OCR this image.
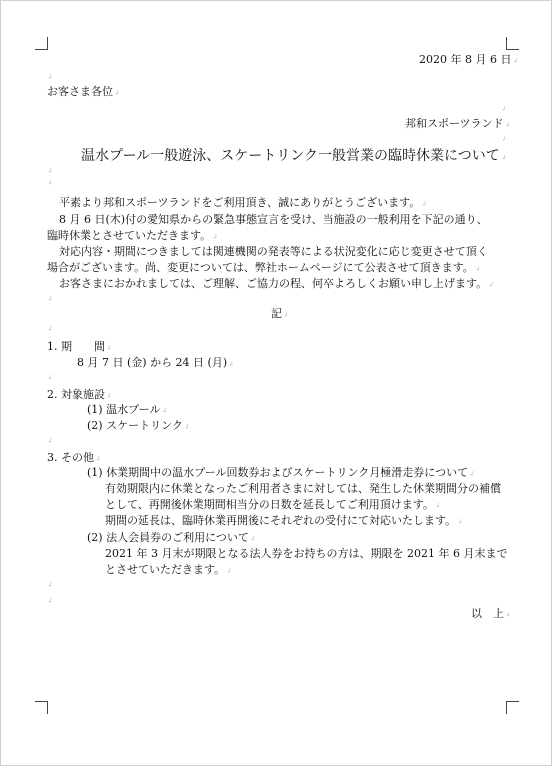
2020 年 8 月 6 日↲
↲
お客さま各位↲
↲
邦和スポーツランド↲
↲
温水プール一般遊泳、スケートリンク一般営業の臨時休業について↲
↲
↲
平素より邦和スポーツランドをご利用頂き、誠にありがとうございます。↲
8 月 6 日(木)付の愛知県からの緊急事態宣言を受け、当施設の一般利用を下記の通り、
臨時休業とさせていただきます。↲
対応内容・期間につきましては関連機関の発表等による状況変化に応じ変更させて頂く
場合がございます。尚、変更については、弊社ホームページにて公表させて頂きます。↲
お客さまにおかれましては、ご理解、ご協力の程、何卒よろしくお願い申し上げます。↲
↲
記↲
↲
1. 期　　間↲
8 月 7 日 (金) から 24 日 (月)↲
↲
2. 対象施設↲
(1) 温水プール↲
(2) スケートリンク↲
↲
3. その他↲
(1) 休業期間中の温水プール回数券およびスケートリンク月極滑走券について↲
有効期限内に休業となったご利用者さまに対しては、発生した休業期間分の補償
として、再開後休業期間相当分の日数を延長してご利用頂けます。↲
期間の延長は、臨時休業再開後にそれぞれの受付にて対応いたします。↲
(2) 法人会員券のご利用について↲
2021 年 3 月末が期限となる法人券をお持ちの方は、期限を 2021 年 6 月末まで
とさせていただきます。↲
↲
↲
以　上↲
